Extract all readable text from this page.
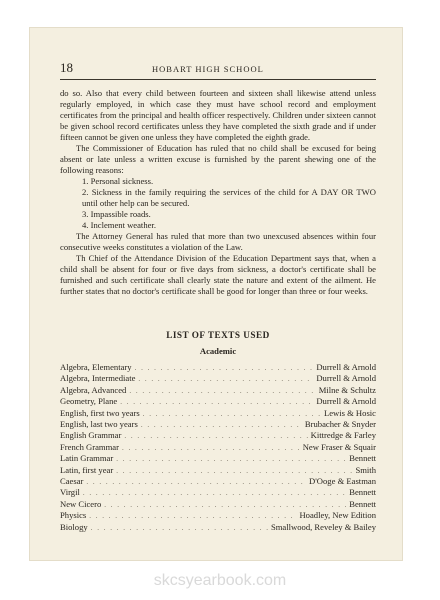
18	HOBART HIGH SCHOOL

do so. Also that every child between fourteen and sixteen shall likewise attend unless regularly employed, in which case they must have school record and employment certificates from the principal and health officer respectively. Children under sixteen cannot be given school record certificates unless they have completed the sixth grade and if under fifteen cannot be given one unless they have completed the eighth grade.

The Commissioner of Education has ruled that no child shall be excused for being absent or late unless a written excuse is furnished by the parent shewing one of the following reasons:

1. Personal sickness.
2. Sickness in the family requiring the services of the child for A DAY OR TWO until other help can be secured.
3. Impassible roads.
4. Inclement weather.

The Attorney General has ruled that more than two unexcused absences within four consecutive weeks constitutes a violation of the Law.

Th Chief of the Attendance Division of the Education Department says that, when a child shall be absent for four or five days from sickness, a doctor's certificate shall be furnished and such certificate shall clearly state the nature and extent of the ailment. He further states that no doctor's certificate shall be good for longer than three or four weeks.

LIST OF TEXTS USED
Academic
Algebra, Elementary . . .	Durrell & Arnold
Algebra, Intermediate . . .	Durrell & Arnold
Algebra, Advanced . . .	Milne & Schultz
Geometry, Plane . . .	Durrell & Arnold
English, first two years . . .	Lewis & Hosic
English, last two years . . .	Brubacher & Snyder
English Grammar . . .	Kittredge & Farley
French Grammar . . .	New Fraser & Squair
Latin Grammar . . .	Bennett
Latin, first year . . .	Smith
Caesar . . .	D'Ooge & Eastman
Virgil . . .	Bennett
New Cicero . . .	Bennett
Physics . . .	Hoadley, New Edition
Biology . . .	Smallwood, Reveley & Bailey
skcsyearbook.com
